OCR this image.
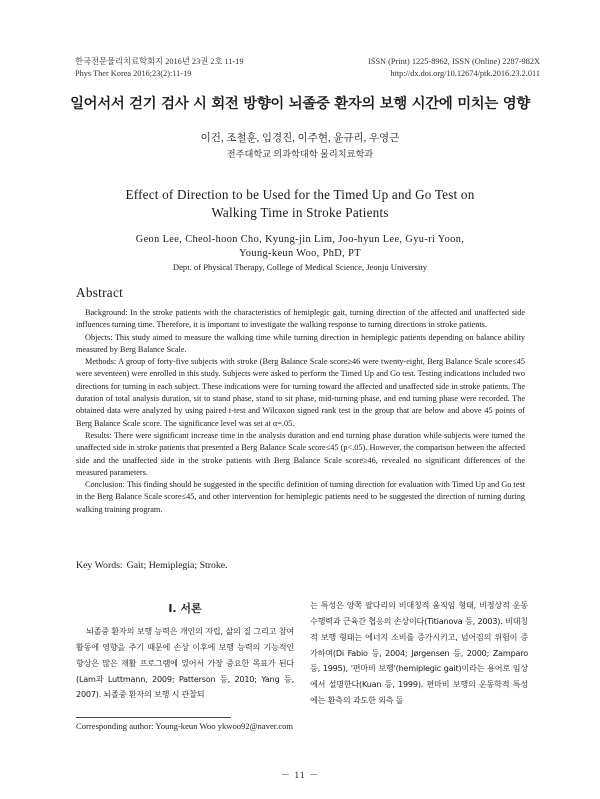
한국전문물리치료학회지 2016년 23권 2호 11-19
Phys Ther Korea 2016;23(2):11-19
ISSN (Print) 1225-8962, ISSN (Online) 2287-982X
http://dx.doi.org/10.12674/ptk.2016.23.2.011
일어서서 걷기 검사 시 회전 방향이 뇌졸중 환자의 보행 시간에 미치는 영향
이건, 조철훈, 임경진, 이주현, 윤규리, 우영근
전주대학교 의과학대학 물리치료학과
Effect of Direction to be Used for the Timed Up and Go Test on
Walking Time in Stroke Patients
Geon Lee, Cheol-hoon Cho, Kyung-jin Lim, Joo-hyun Lee, Gyu-ri Yoon,
Young-keun Woo, PhD, PT
Dept. of Physical Therapy, College of Medical Science, Jeonju University
Abstract

Background: In the stroke patients with the characteristics of hemiplegic gait, turning direction of the affected and unaffected side influences turning time. Therefore, it is important to investigate the walking response to turning directions in stroke patients.

Objects: This study aimed to measure the walking time while turning direction in hemiplegic patients depending on balance ability measured by Berg Balance Scale.

Methods: A group of forty-five subjects with stroke (Berg Balance Scale score≥46 were twenty-eight, Berg Balance Scale score≤45 were seventeen) were enrolled in this study. Subjects were asked to perform the Timed Up and Go test. Testing indications included two directions for turning in each subject. These indications were for turning toward the affected and unaffected side in stroke patients. The duration of total analysis duration, sit to stand phase, stand to sit phase, mid-turning phase, and end turning phase were recorded. The obtained data were analyzed by using paired t-test and Wilcoxon signed rank test in the group that are below and above 45 points of Berg Balance Scale score. The significance level was set at α=.05.

Results: There were significant increase time in the analysis duration and end turning phase duration while subjects were turned the unaffected side in stroke patients that presented a Berg Balance Scale score≤45 (p<.05). However, the comparison between the affected side and the unaffected side in the stroke patients with Berg Balance Scale score≥46, revealed no significant differences of the measured parameters.

Conclusion: This finding should be suggested in the specific definition of turning direction for evaluation with Timed Up and Go test in the Berg Balance Scale score≤45, and other intervention for hemiplegic patients need to be suggested the direction of turning during walking training program.

Key Words: Gait; Hemiplegia; Stroke.
Ⅰ. 서론
뇌졸중 환자의 보행 능력은 개인의 자립, 삶의 질 그리고 참여 활동에 영향을 주기 때문에 손상 이후에 보행 능력의 기능적인 향상은 많은 재활 프로그램에 있어서 가장 중요한 목표가 된다(Lam과 Luttmann, 2009; Patterson 등, 2010; Yang 등, 2007). 뇌졸중 환자의 보행 시 관찰되
는 특성은 양쪽 팔다리의 비대칭적 움직임 형태, 비정상적 운동 수행력과 근육간 협응의 손상이다(Titianova 등, 2003). 비대칭적 보행 형태는 에너지 소비를 증가시키고, 넘어짐의 위험이 증가하며(Di Fabio 등, 2004; Jørgensen 등, 2000; Zamparo 등, 1995), '편마비 보행'(hemiplegic gait)이라는 용어로 임상에서 설명한다(Kuan 등, 1999). 편마비 보행의 운동학적 특성에는 환측의 과도한 외측 돌
Corresponding author: Young-keun Woo ykwoo92@naver.com
－ 11 －
